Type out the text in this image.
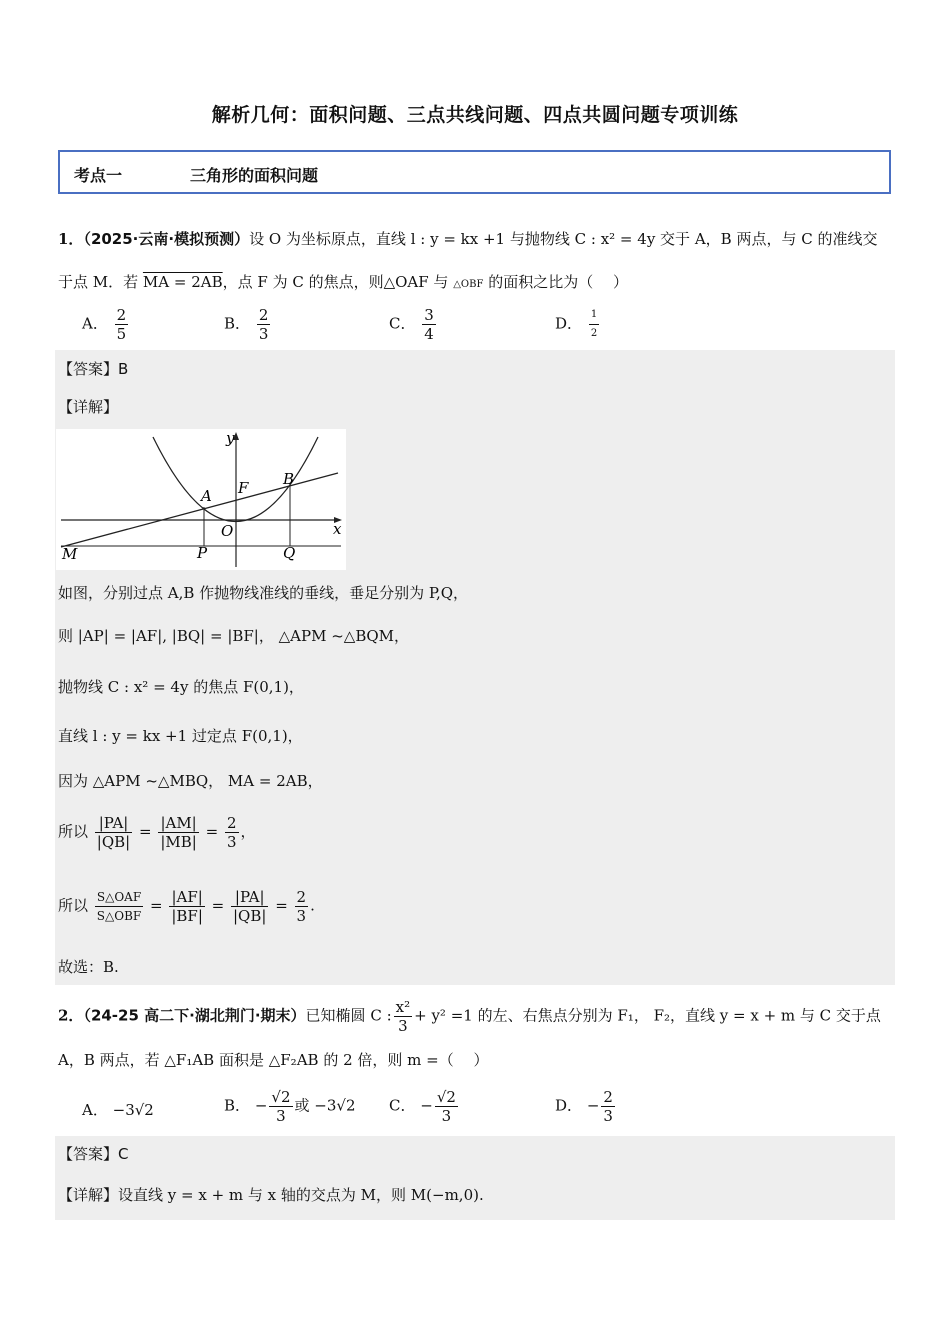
解析几何：面积问题、三点共线问题、四点共圆问题专项训练
考点一	三角形的面积问题
1．（2025·云南·模拟预测）设 O 为坐标原点，直线 l : y = kx +1 与抛物线 C : x² = 4y 交于 A，B 两点，与 C 的准线交
于点 M．若 MA = 2AB，点 F 为 C 的焦点，则△OAF 与 △OBF 的面积之比为（　 ）
A． $\frac{2}{5}$	B． $\frac{2}{3}$	C． $\frac{3}{4}$	D． $\frac{1}{2}$
【答案】B
【详解】
y
x
O
A
B
F
M	P	Q
如图，分别过点 A,B 作抛物线准线的垂线，垂足分别为 P,Q，
则 |AP| = |AF|, |BQ| = |BF|， △APM ~△BQM，
抛物线 C : x² = 4y 的焦点 F(0,1)，
直线 l : y = kx +1 过定点 F(0,1)，
因为 △APM ~△MBQ， MA = 2AB，
所以 $\frac{|PA|}{|QB|} = \frac{|AM|}{|MB|} = \frac{2}{3}$ ，
所以 $\frac{\text{S△OAF}}{\text{S△OBF}} = \frac{|AF|}{|BF|} = \frac{|PA|}{|QB|} = \frac{2}{3}$ .
故选：B.
2．（24-25 高二下·湖北荆门·期末）已知椭圆 C : $\frac{\text{x²}}{3} + y^2 =1$ 的左、右焦点分别为 F₁， F₂，直线 y = x + m 与 C 交于点
A，B 两点，若 △F₁AB 面积是 △F₂AB 的 2 倍，则 m =（　 ）
A． −3√2	B． − $\frac{√2}{3}$ 或 −3√2 C． − $\frac{√2}{3}$	D． − $\frac{2}{3}$
【答案】C
【详解】设直线 y = x + m 与 x 轴的交点为 M，则 M(−m,0).
